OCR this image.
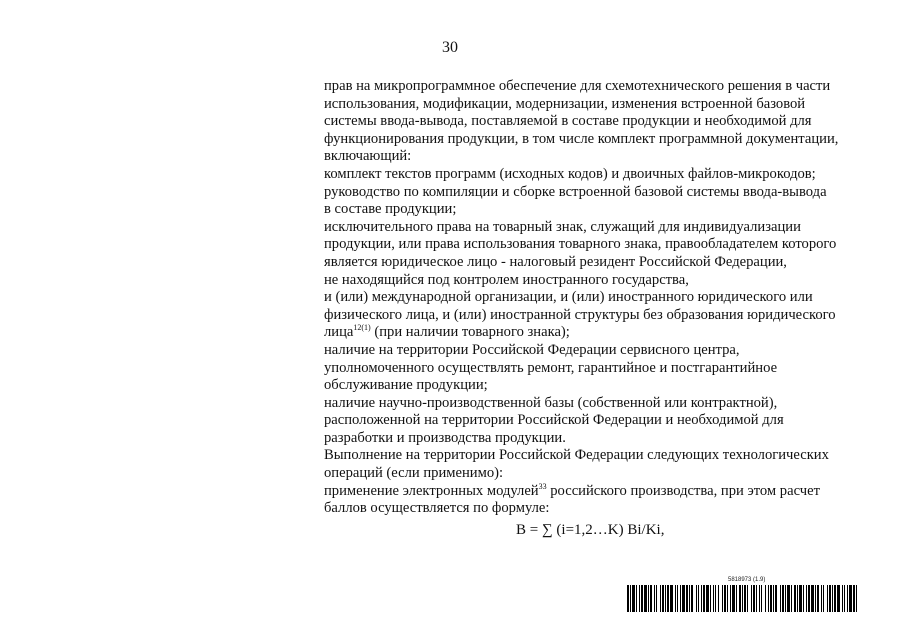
30
прав на микропрограммное обеспечение для схемотехнического решения в части
использования, модификации, модернизации, изменения встроенной базовой
системы ввода-вывода, поставляемой в составе продукции и необходимой для
функционирования продукции, в том числе комплект программной документации,
включающий:
комплект текстов программ (исходных кодов) и двоичных файлов-микрокодов;
руководство по компиляции и сборке встроенной базовой системы ввода-вывода
в составе продукции;
исключительного права на товарный знак, служащий для индивидуализации
продукции, или права использования товарного знака, правообладателем которого
является юридическое лицо - налоговый резидент Российской Федерации,
не находящийся под контролем иностранного государства,
и (или) международной организации, и (или) иностранного юридического или
физического лица, и (или) иностранной структуры без образования юридического
лица$^{12(1)}$ (при наличии товарного знака);
наличие на территории Российской Федерации сервисного центра,
уполномоченного осуществлять ремонт, гарантийное и постгарантийное
обслуживание продукции;
наличие научно-производственной базы (собственной или контрактной),
расположенной на территории Российской Федерации и необходимой для
разработки и производства продукции.
Выполнение на территории Российской Федерации следующих технологических
операций (если применимо):
применение электронных модулей$^{33}$ российского производства, при этом расчет
баллов осуществляется по формуле:
B = ∑ (i=1,2…K) Bi/Ki,
5818973 (1.9)
